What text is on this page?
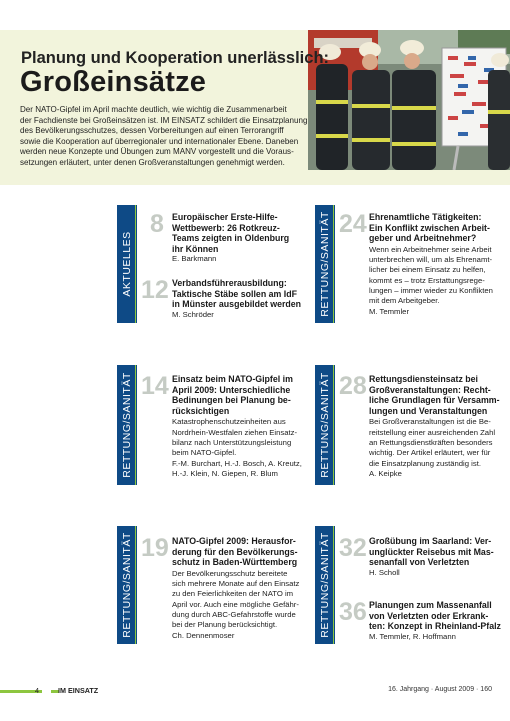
Planung und Kooperation unerlässlich:
Großeinsätze
Der NATO-Gipfel im April machte deutlich, wie wichtig die Zusammenarbeit
der Fachdienste bei Großeinsätzen ist. IM EINSATZ schildert die Einsatzplanung
des Bevölkerungsschutzes, dessen Vorbereitungen auf einen Terrorangriff
sowie die Kooperation auf überregionaler und internationaler Ebene. Daneben
werden neue Konzepte und Übungen zum MANV vorgestellt und die Voraus-
setzungen erläutert, unter denen Großveranstaltungen genehmigt werden.
AKTUELLES	RETTUNG/SANITÄT
RETTUNG/SANITÄT	RETTUNG/SANITÄT
RETTUNG/SANITÄT	RETTUNG/SANITÄT
8 Europäischer Erste-Hilfe-
Wettbewerb: 26 Rotkreuz-
Teams zeigten in Oldenburg
ihr Können
E. Barkmann
12 Verbandsführerausbildung:
Taktische Stäbe sollen am IdF
in Münster ausgebildet werden
M. Schröder
24 Ehrenamtliche Tätigkeiten:
Ein Konflikt zwischen Arbeit-
geber und Arbeitnehmer?
Wenn ein Arbeitnehmer seine Arbeit
unterbrechen will, um als Ehrenamt-
licher bei einem Einsatz zu helfen,
kommt es – trotz Erstattungsrege-
lungen – immer wieder zu Konflikten
mit dem Arbeitgeber.
M. Temmler
14 Einsatz beim NATO-Gipfel im
April 2009: Unterschiedliche
Bedinungen bei Planung be-
rücksichtigen
Katastrophenschutzeinheiten aus
Nordrhein-Westfalen ziehen Einsatz-
bilanz nach Unterstützungsleistung
beim NATO-Gipfel.
F.-M. Burchart, H.-J. Bosch, A. Kreutz,
H.-J. Klein, N. Giepen, R. Blum
28 Rettungsdiensteinsatz bei
Großveranstaltungen: Recht-
liche Grundlagen für Versamm-
lungen und Veranstaltungen
Bei Großveranstaltungen ist die Be-
reitstellung einer ausreichenden Zahl
an Rettungsdienstkräften besonders
wichtig. Der Artikel erläutert, wer für
die Einsatzplanung zuständig ist.
A. Keipke
19 NATO-Gipfel 2009: Herausfor-
derung für den Bevölkerungs-
schutz in Baden-Württemberg
Der Bevölkerungsschutz bereitete
sich mehrere Monate auf den Einsatz
zu den Feierlichkeiten der NATO im
April vor. Auch eine mögliche Gefähr-
dung durch ABC-Gefahrstoffe wurde
bei der Planung berücksichtigt.
Ch. Dennenmoser
32 Großübung im Saarland: Ver-
unglückter Reisebus mit Mas-
senanfall von Verletzten
H. Scholl
36 Planungen zum Massenanfall
von Verletzten oder Erkrank-
ten: Konzept in Rheinland-Pfalz
M. Temmler, R. Hoffmann
4	IM EINSATZ	16. Jahrgang · August 2009 · 160
